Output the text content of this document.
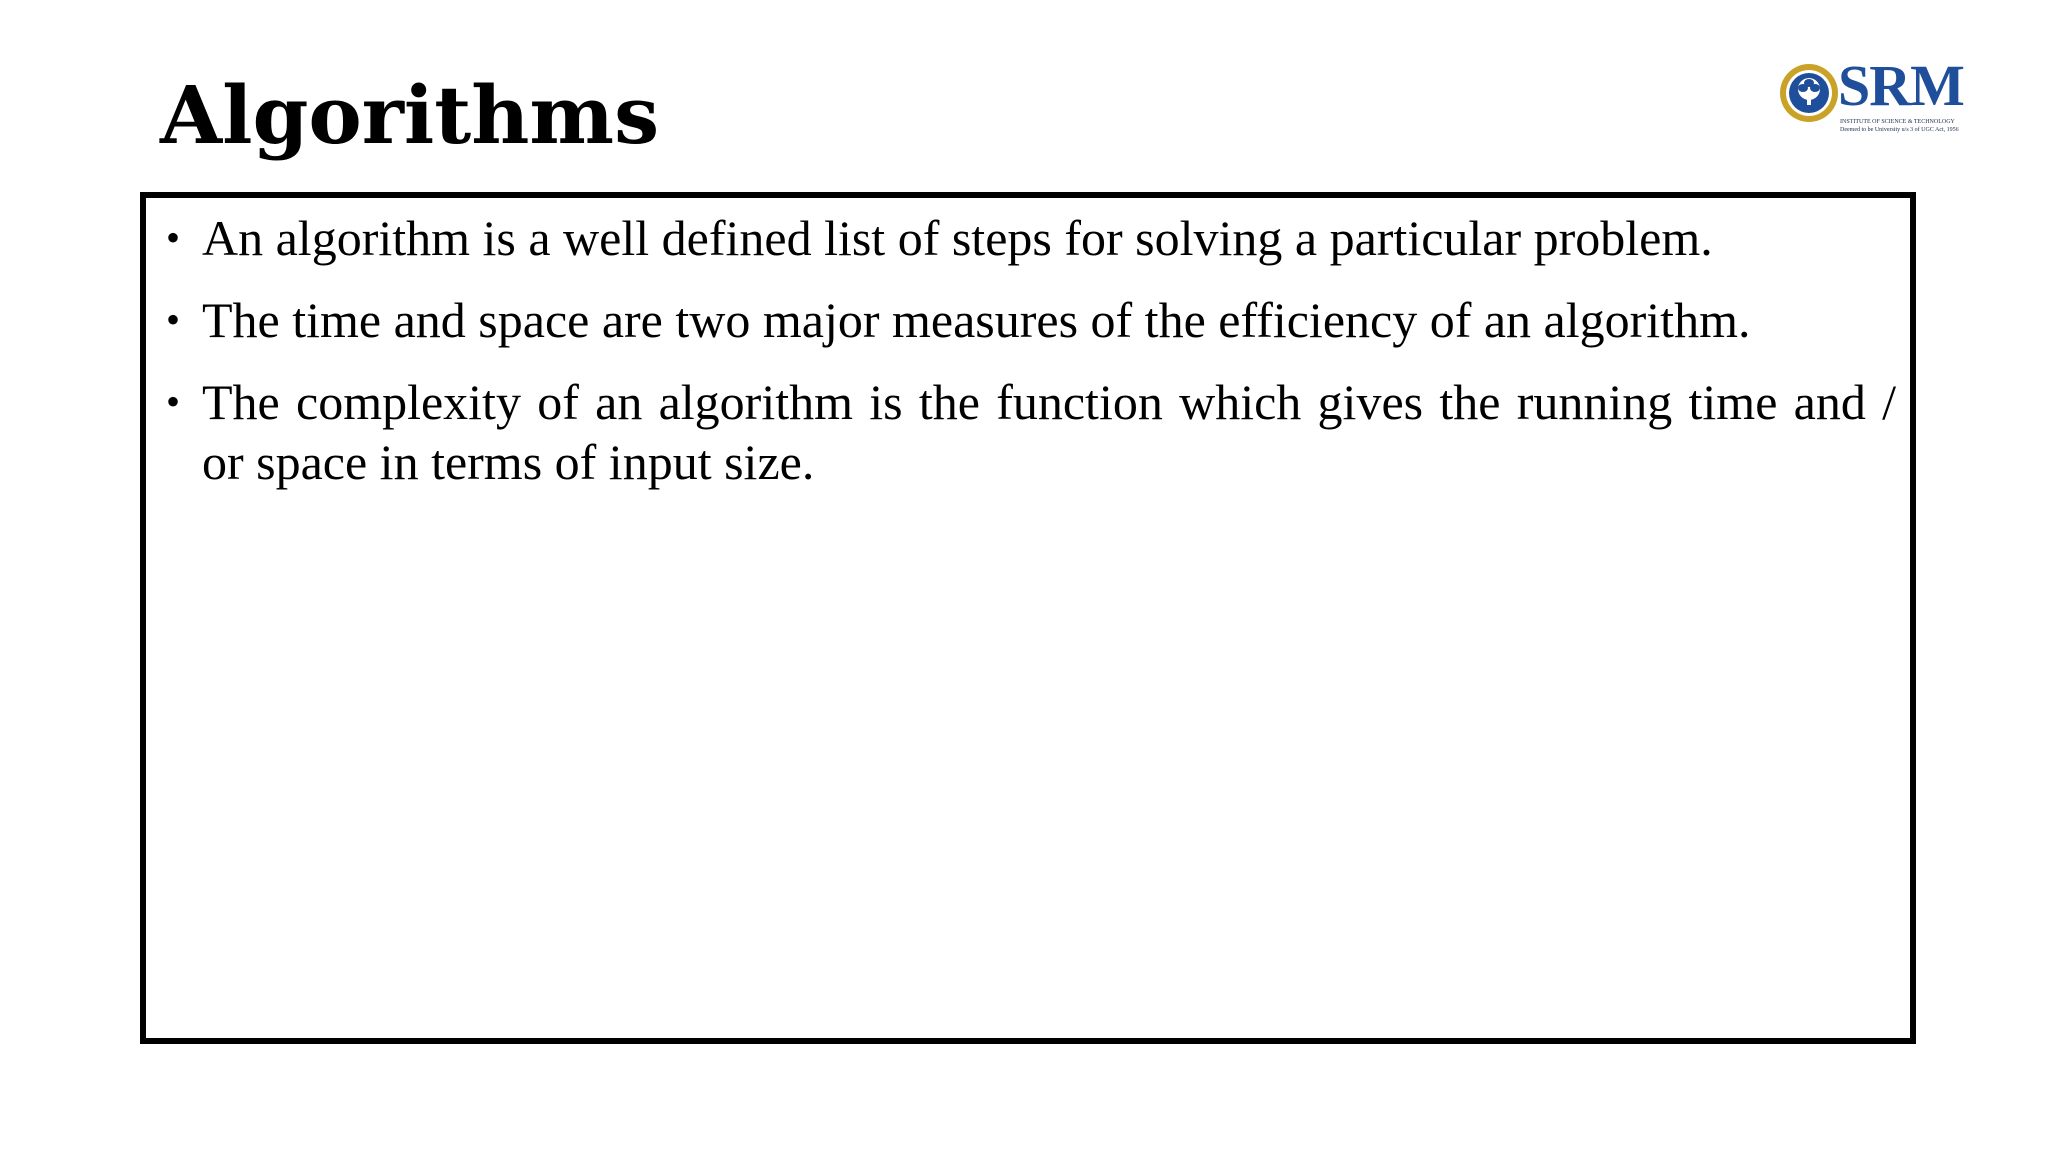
Algorithms	SRM
INSTITUTE OF SCIENCE & TECHNOLOGY
Deemed to be University u/s 3 of UGC Act, 1956
• An algorithm is a well defined list of steps for solving a particular problem.
• The time and space are two major measures of the efficiency of an algorithm.
• The complexity of an algorithm is the function which gives the running time and / or space in terms of input size.
